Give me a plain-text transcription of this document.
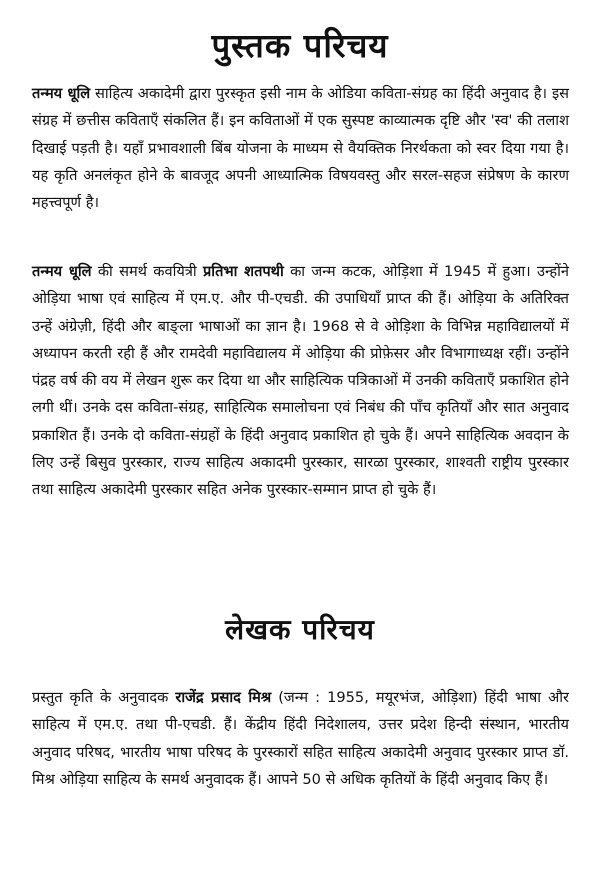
पुस्तक परिचय

तन्मय धूलि साहित्य अकादेमी द्वारा पुरस्कृत इसी नाम के ओडिया कविता-संग्रह का हिंदी अनुवाद है। इस संग्रह में छत्तीस कविताएँ संकलित हैं। इन कविताओं में एक सुस्पष्ट काव्यात्मक दृष्टि और 'स्व' की तलाश दिखाई पड़ती है। यहाँ प्रभावशाली बिंब योजना के माध्यम से वैयक्तिक निरर्थकता को स्वर दिया गया है। यह कृति अनलंकृत होने के बावजूद अपनी आध्यात्मिक विषयवस्तु और सरल-सहज संप्रेषण के कारण महत्त्वपूर्ण है।

तन्मय धूलि की समर्थ कवयित्री प्रतिभा शतपथी का जन्म कटक, ओड़िशा में 1945 में हुआ। उन्होंने ओड़िया भाषा एवं साहित्य में एम.ए. और पी-एचडी. की उपाधियाँ प्राप्त की हैं। ओड़िया के अतिरिक्त उन्हें अंग्रेज़ी, हिंदी और बाङ्ला भाषाओं का ज्ञान है। 1968 से वे ओड़िशा के विभिन्न महाविद्यालयों में अध्यापन करती रही हैं और रामदेवी महाविद्यालय में ओड़िया की प्रोफ़ेसर और विभागाध्यक्ष रहीं। उन्होंने पंद्रह वर्ष की वय में लेखन शुरू कर दिया था और साहित्यिक पत्रिकाओं में उनकी कविताएँ प्रकाशित होने लगी थीं। उनके दस कविता-संग्रह, साहित्यिक समालोचना एवं निबंध की पाँच कृतियाँ और सात अनुवाद प्रकाशित हैं। उनके दो कविता-संग्रहों के हिंदी अनुवाद प्रकाशित हो चुके हैं। अपने साहित्यिक अवदान के लिए उन्हें बिसुव पुरस्कार, राज्य साहित्य अकादमी पुरस्कार, सारळा पुरस्कार, शाश्वती राष्ट्रीय पुरस्कार तथा साहित्य अकादेमी पुरस्कार सहित अनेक पुरस्कार-सम्मान प्राप्त हो चुके हैं।

लेखक परिचय

प्रस्तुत कृति के अनुवादक राजेंद्र प्रसाद मिश्र (जन्म : 1955, मयूरभंज, ओड़िशा) हिंदी भाषा और साहित्य में एम.ए. तथा पी-एचडी. हैं। केंद्रीय हिंदी निदेशालय, उत्तर प्रदेश हिन्दी संस्थान, भारतीय अनुवाद परिषद, भारतीय भाषा परिषद के पुरस्कारों सहित साहित्य अकादेमी अनुवाद पुरस्कार प्राप्त डॉ. मिश्र ओड़िया साहित्य के समर्थ अनुवादक हैं। आपने 50 से अधिक कृतियों के हिंदी अनुवाद किए हैं।
